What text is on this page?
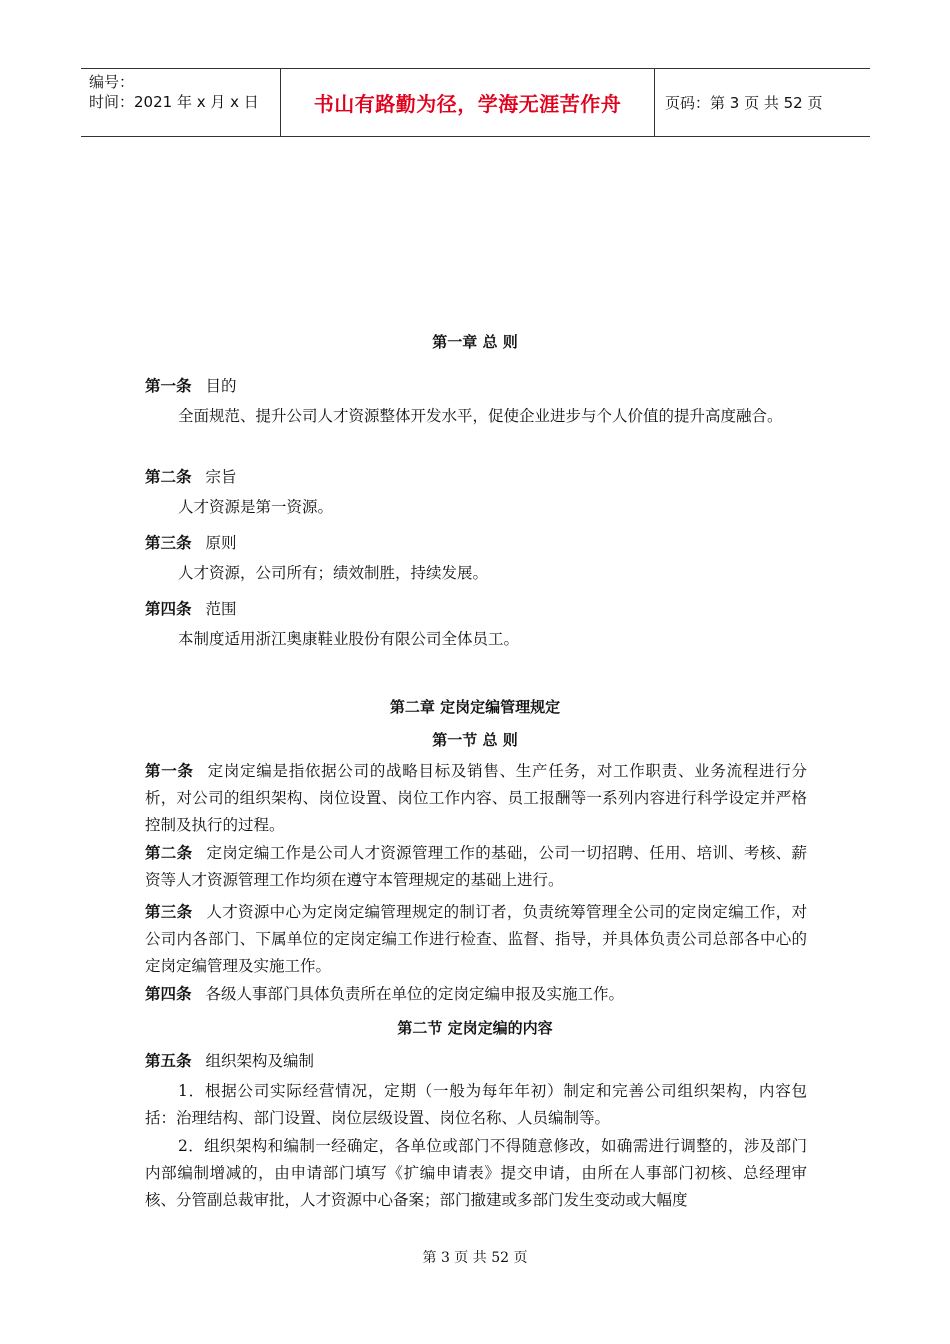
编号：
时间：2021 年 x 月 x 日	书山有路勤为径，学海无涯苦作舟	页码：第 3 页 共 52 页
第一章 总 则
第一条 目的
全面规范、提升公司人才资源整体开发水平，促使企业进步与个人价值的提升高度融合。
第二条 宗旨
人才资源是第一资源。
第三条 原则
人才资源，公司所有；绩效制胜，持续发展。
第四条 范围
本制度适用浙江奥康鞋业股份有限公司全体员工。
第二章 定岗定编管理规定
第一节 总 则
第一条 定岗定编是指依据公司的战略目标及销售、生产任务，对工作职责、业务流程进行分析，对公司的组织架构、岗位设置、岗位工作内容、员工报酬等一系列内容进行科学设定并严格控制及执行的过程。
第二条 定岗定编工作是公司人才资源管理工作的基础，公司一切招聘、任用、培训、考核、薪资等人才资源管理工作均须在遵守本管理规定的基础上进行。
第三条 人才资源中心为定岗定编管理规定的制订者，负责统筹管理全公司的定岗定编工作，对公司内各部门、下属单位的定岗定编工作进行检查、监督、指导，并具体负责公司总部各中心的定岗定编管理及实施工作。
第四条 各级人事部门具体负责所在单位的定岗定编申报及实施工作。
第二节 定岗定编的内容
第五条 组织架构及编制
1．根据公司实际经营情况，定期（一般为每年年初）制定和完善公司组织架构，内容包括：治理结构、部门设置、岗位层级设置、岗位名称、人员编制等。
2．组织架构和编制一经确定，各单位或部门不得随意修改，如确需进行调整的，涉及部门内部编制增减的，由申请部门填写《扩编申请表》提交申请，由所在人事部门初核、总经理审核、分管副总裁审批，人才资源中心备案；部门撤建或多部门发生变动或大幅度
第 3 页 共 52 页
